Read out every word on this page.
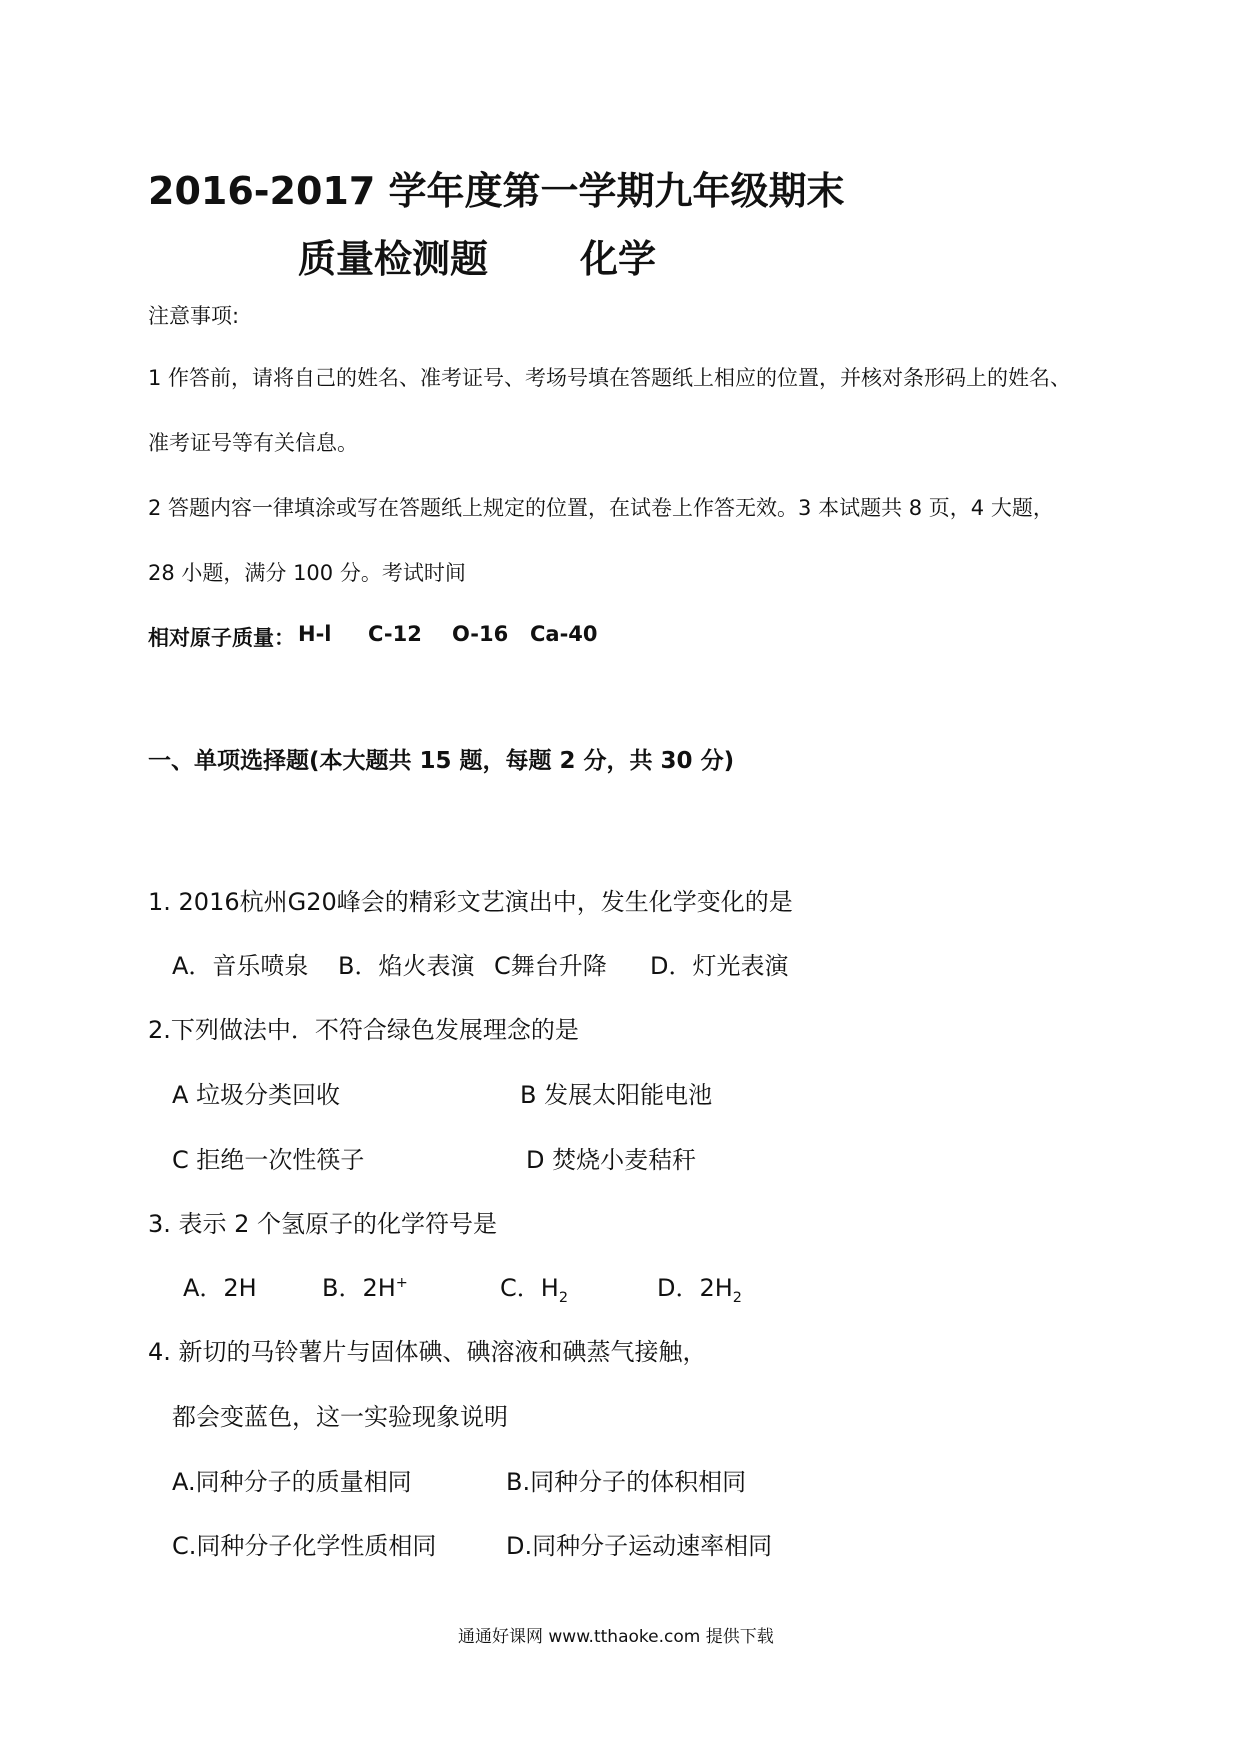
2016-2017 学年度第一学期九年级期末
质量检测题 化学
注意事项:
1 作答前，请将自己的姓名、准考证号、考场号填在答题纸上相应的位置，并核对条形码上的姓名、
准考证号等有关信息。
2 答题内容一律填涂或写在答题纸上规定的位置，在试卷上作答无效。3 本试题共 8 页，4 大题，
28 小题，满分 100 分。考试时间
相对原子质量： H-l C-12 O-16 Ca-40
一、单项选择题(本大题共 15 题，每题 2 分，共 30 分)
1. 2016杭州G20峰会的精彩文艺演出中，发生化学变化的是
A．音乐喷泉 B．焰火表演 C舞台升降 D．灯光表演
2.下列做法中．不符合绿色发展理念的是
A 垃圾分类回收	B 发展太阳能电池
C 拒绝一次性筷子	D 焚烧小麦秸秆
3. 表示 2 个氢原子的化学符号是
A．2H	B．2H+	C．$H_2$	D．$2H_2$
4. 新切的马铃薯片与固体碘、碘溶液和碘蒸气接触，
都会变蓝色，这一实验现象说明
A.同种分子的质量相同	B.同种分子的体积相同
C.同种分子化学性质相同	D.同种分子运动速率相同
通通好课网 www.tthaoke.com 提供下载
